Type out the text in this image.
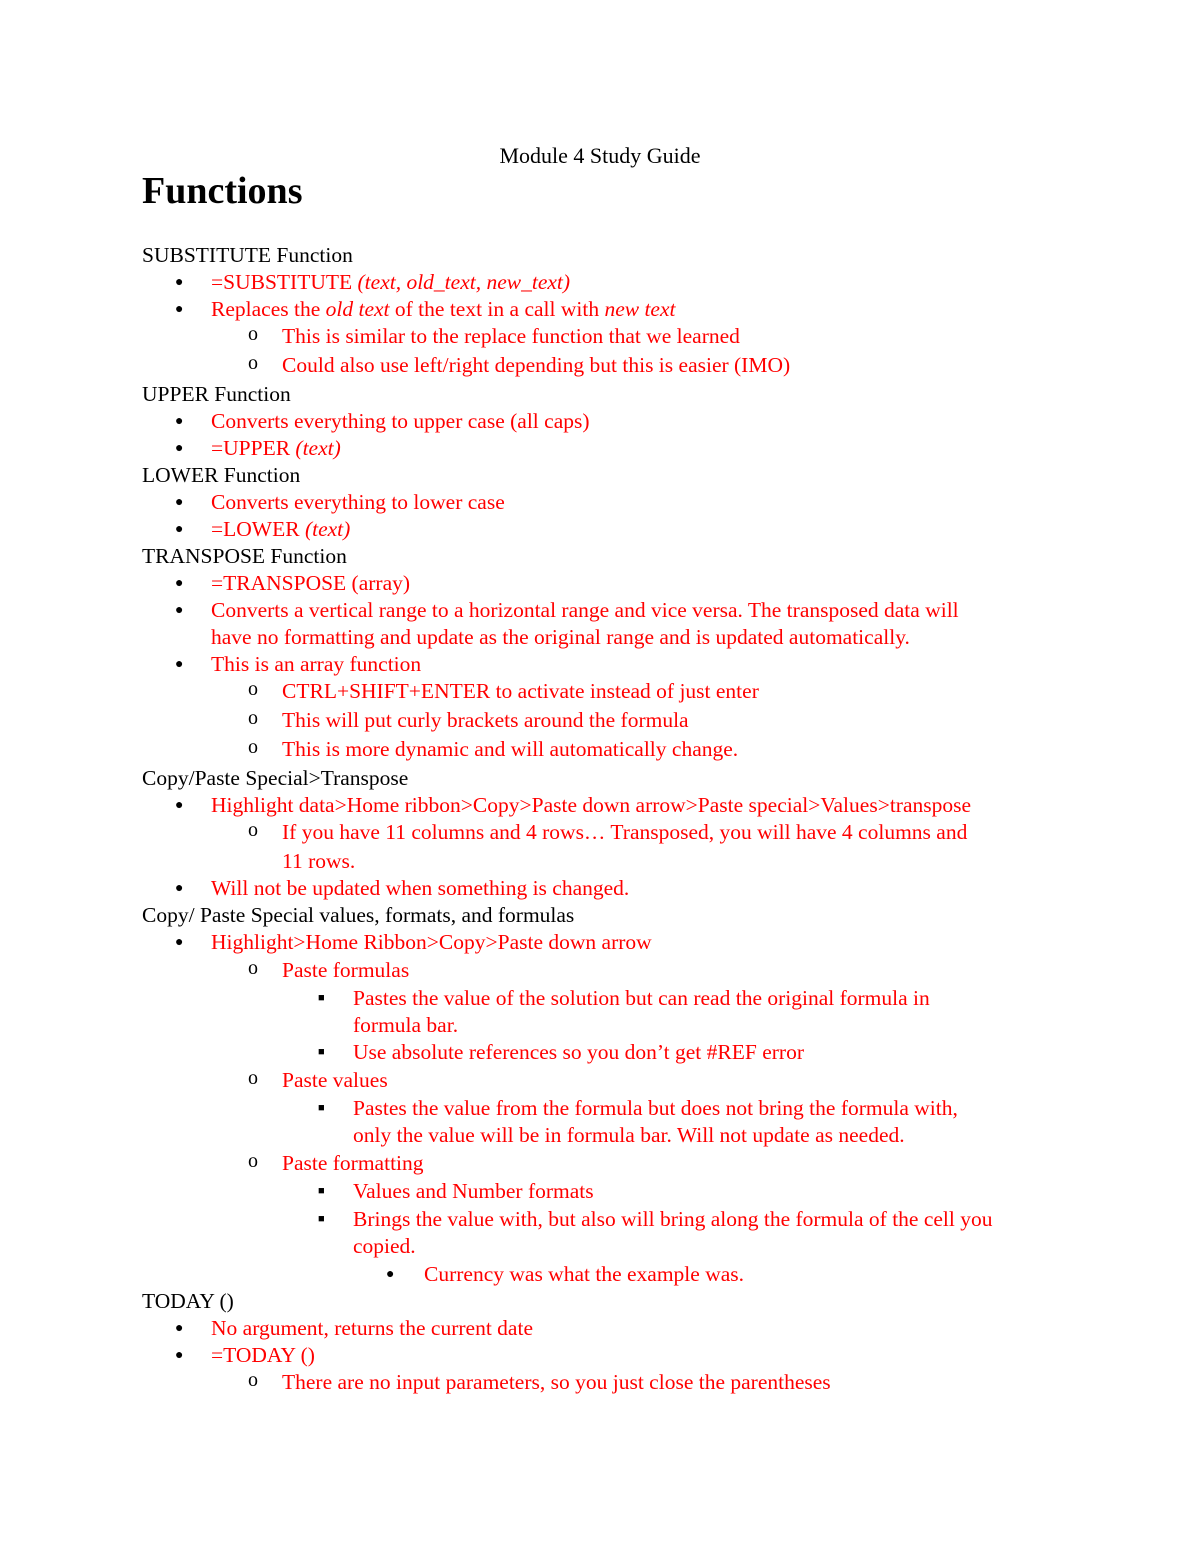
Module 4 Study Guide
Functions
SUBSTITUTE Function
● =SUBSTITUTE (text, old_text, new_text)
● Replaces the old text of the text in a call with new text
o This is similar to the replace function that we learned
o Could also use left/right depending but this is easier (IMO)
UPPER Function
● Converts everything to upper case (all caps)
● =UPPER (text)
LOWER Function
● Converts everything to lower case
● =LOWER (text)
TRANSPOSE Function
● =TRANSPOSE (array)
● Converts a vertical range to a horizontal range and vice versa. The transposed data will
have no formatting and update as the original range and is updated automatically.
● This is an array function
o CTRL+SHIFT+ENTER to activate instead of just enter
o This will put curly brackets around the formula
o This is more dynamic and will automatically change.
Copy/Paste Special>Transpose
● Highlight data>Home ribbon>Copy>Paste down arrow>Paste special>Values>transpose
o If you have 11 columns and 4 rows… Transposed, you will have 4 columns and
11 rows.
● Will not be updated when something is changed.
Copy/ Paste Special values, formats, and formulas
● Highlight>Home Ribbon>Copy>Paste down arrow
o Paste formulas
■ Pastes the value of the solution but can read the original formula in
formula bar.
■ Use absolute references so you don’t get #REF error
o Paste values
■ Pastes the value from the formula but does not bring the formula with,
only the value will be in formula bar. Will not update as needed.
o Paste formatting
■ Values and Number formats
■ Brings the value with, but also will bring along the formula of the cell you
copied.
● Currency was what the example was.
TODAY ()
● No argument, returns the current date
● =TODAY ()
o There are no input parameters, so you just close the parentheses
